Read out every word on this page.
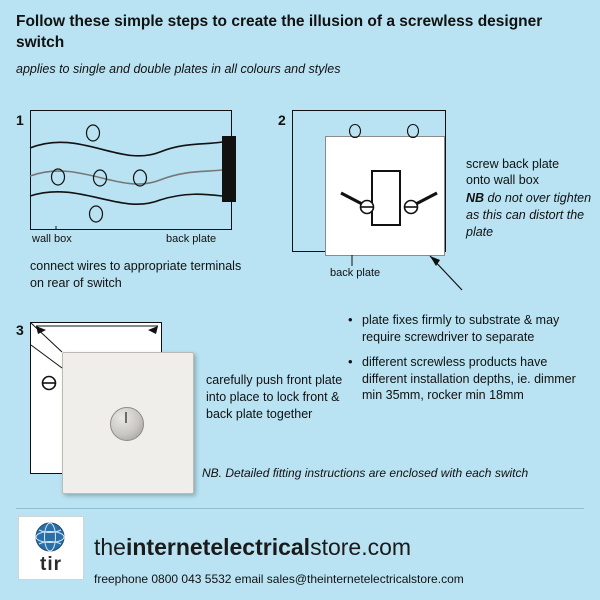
Follow these simple steps to create the illusion of a screwless designer switch
applies to single and double plates in all colours and styles
1
wall box	back plate
connect wires to appropriate terminals on rear of switch
2
back plate
screw back plate
onto wall box
NB do not over tighten as this can distort the plate
3
carefully push front plate into place to lock front & back plate together
• plate fixes firmly to substrate & may require screwdriver to separate
• different screwless products have different installation depths, ie. dimmer min 35mm, rocker min 18mm
NB. Detailed fitting instructions are enclosed with each switch
tir
theinternetelectricalstore.com
freephone 0800 043 5532 email sales@theinternetelectricalstore.com
